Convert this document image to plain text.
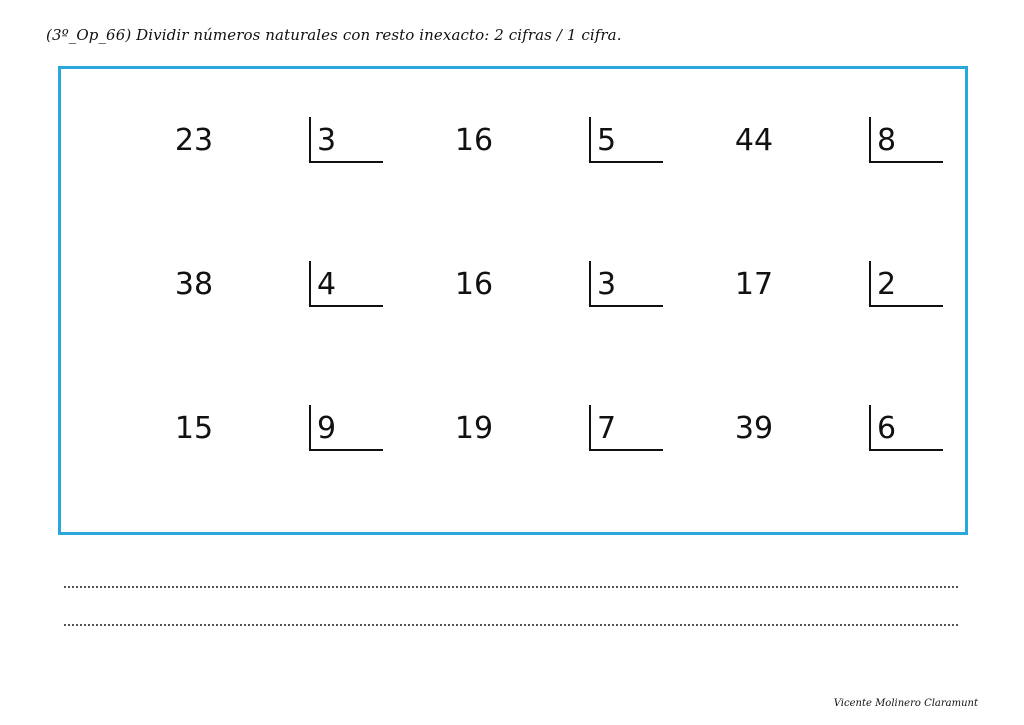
(3º_Op_66) Dividir números naturales con resto inexacto: 2 cifras / 1 cifra.
23	3	16	5	44	8
38	4	16	3	17	2
15	9	19	7	39	6
Vicente Molinero Claramunt
